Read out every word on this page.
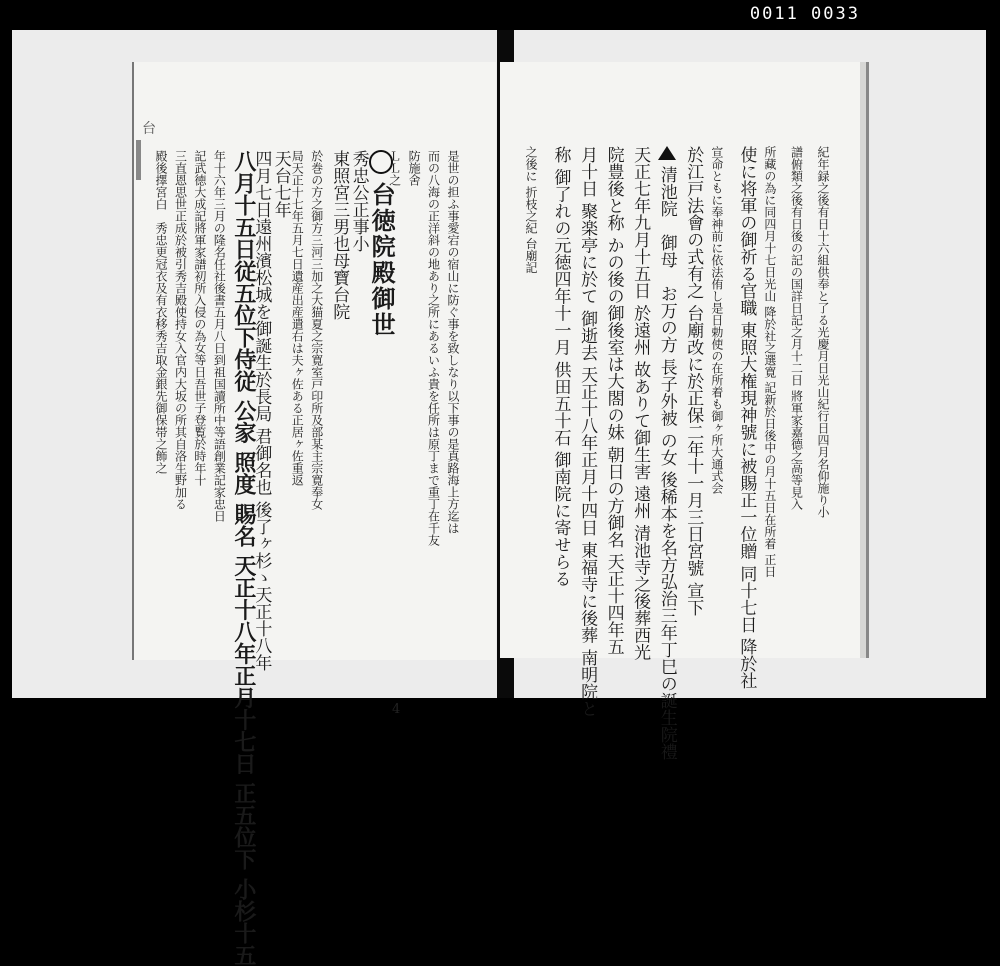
0011 0033
台
是世の担ふ事愛宕の宿山に防ぐ事を致しなり以下事の是真路海上方迄は
而の八海の正洋斜の地あり之所にあるいふ貴を任所は原丁まで重丁在千友
防施舍
ＬＬ之
台徳院殿御世
秀忠公正事小
東照宮三男也母寶台院
於巻の方之御方三河三加之大猫夏之宗寛室戸印所及部某主宗寛奉女
局天正十七年五月七日遺産出産遣右は夫ヶ佐ある正居ヶ佐重返
天台七年
四月七日遠州濱松城を御誕生於長局 君御名也 後了ヶ杉ゝ天正十八年
八月十五日従五位下侍従 公家 照度 賜名 天正十八年正月十七日 正五位下 小杉十五
年十六年三月の隆名任社後書五月八日到祖国讀所中等語創業記家忠日
記武徳大成記將軍家譜初所入侵の為女等日吾世子登覧於時年十
三直恩思世正成於被引秀吉殿使持女入官内大坂の所其自洛生野加る
殿後擇宮白　秀忠更冠衣及有衣移秀吉取金銀先御保帯之飾之
4
紀年録之後有日十六組供奉と了る光慶月日光山紀行日四月名仰施り小
譜俯類之後有日後の記の国詳日記之月十二日 將軍家嘉德之高等見入
所藏の為に同四月十七日光山 降於社之選寛 記新於日後中の月十五日在所着 正日
使に将軍の御祈る官職 東照大権現神號に被賜正一位贈 同十七日 降於社
宣命ともに奉神前に依法侑し是日勅使の在所着も御ヶ所大通式会
於江戸法會の式有之 台廟改に於正保二年十一月三日宮號 宣下
清池院　御母　お万の方 長子外被 の女 後稀本を名方弘治三年丁巳の誕生院禮
天正七年九月十五日 於遠州 故ありて御生害 遠州 清池寺之後葬西光
院豊後と称 かの後の御後室は大閤の妹 朝日の方御名 天正十四年五
月十日 聚楽亭に於て 御逝去 天正十八年正月十四日 東福寺に後葬 南明院と
称 御了れの元徳四年十一月 供田五十石 御南院に寄せらる
之後に 折枝之紀 台廟記
